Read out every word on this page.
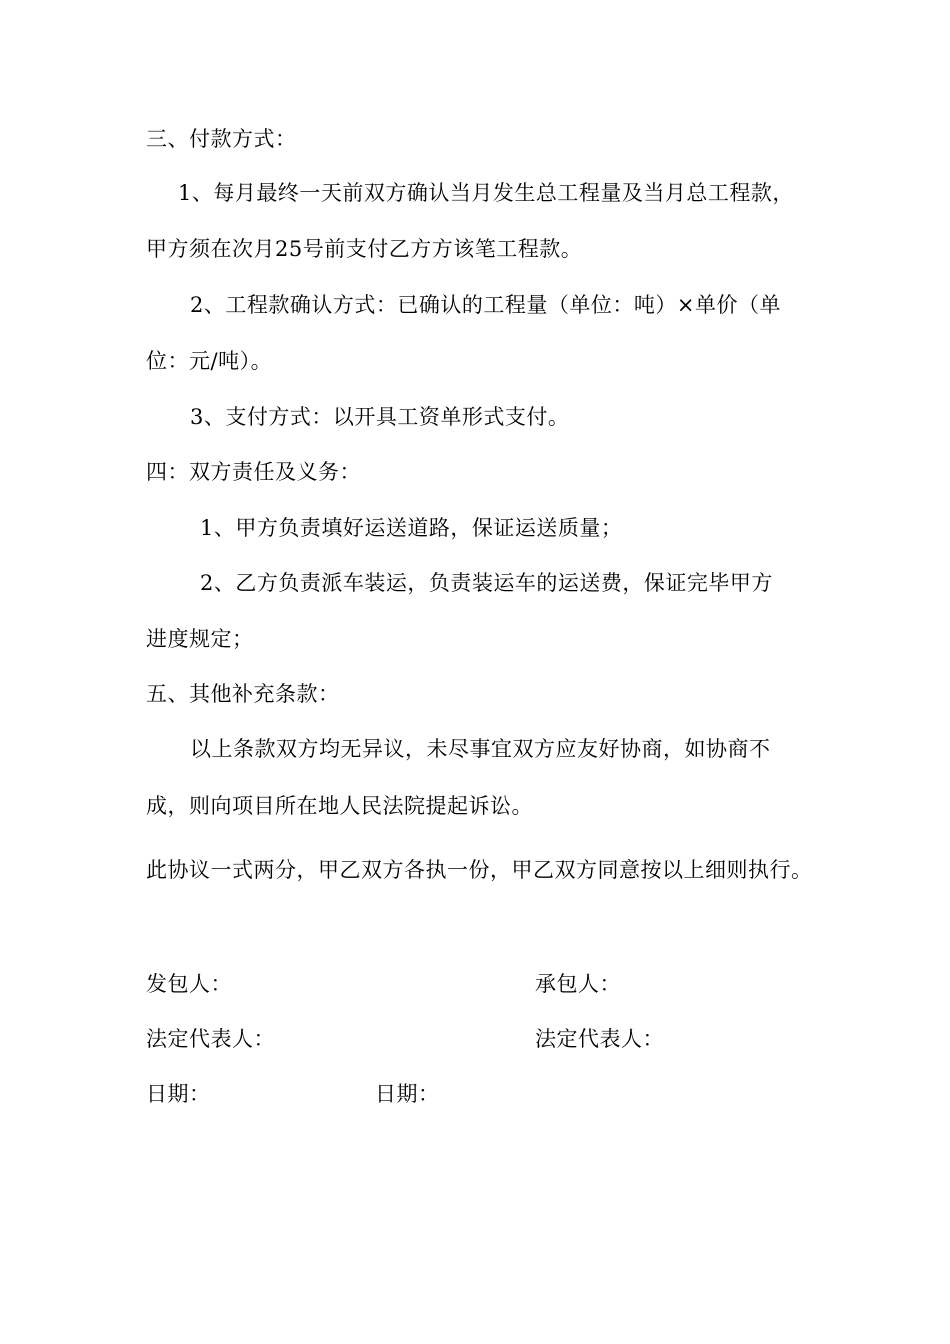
三、付款方式：
1、每月最终一天前双方确认当月发生总工程量及当月总工程款，
甲方须在次月25号前支付乙方方该笔工程款。
2、工程款确认方式：已确认的工程量（单位：吨）×单价（单
位：元/吨）。
3、支付方式：以开具工资单形式支付。
四：双方责任及义务：
1、甲方负责填好运送道路，保证运送质量；
2、乙方负责派车装运，负责装运车的运送费，保证完毕甲方
进度规定；
五、其他补充条款：
以上条款双方均无异议，未尽事宜双方应友好协商，如协商不
成，则向项目所在地人民法院提起诉讼。
此协议一式两分，甲乙双方各执一份，甲乙双方同意按以上细则执行。
发包人：	承包人：
法定代表人：	法定代表人：
日期：	日期：
